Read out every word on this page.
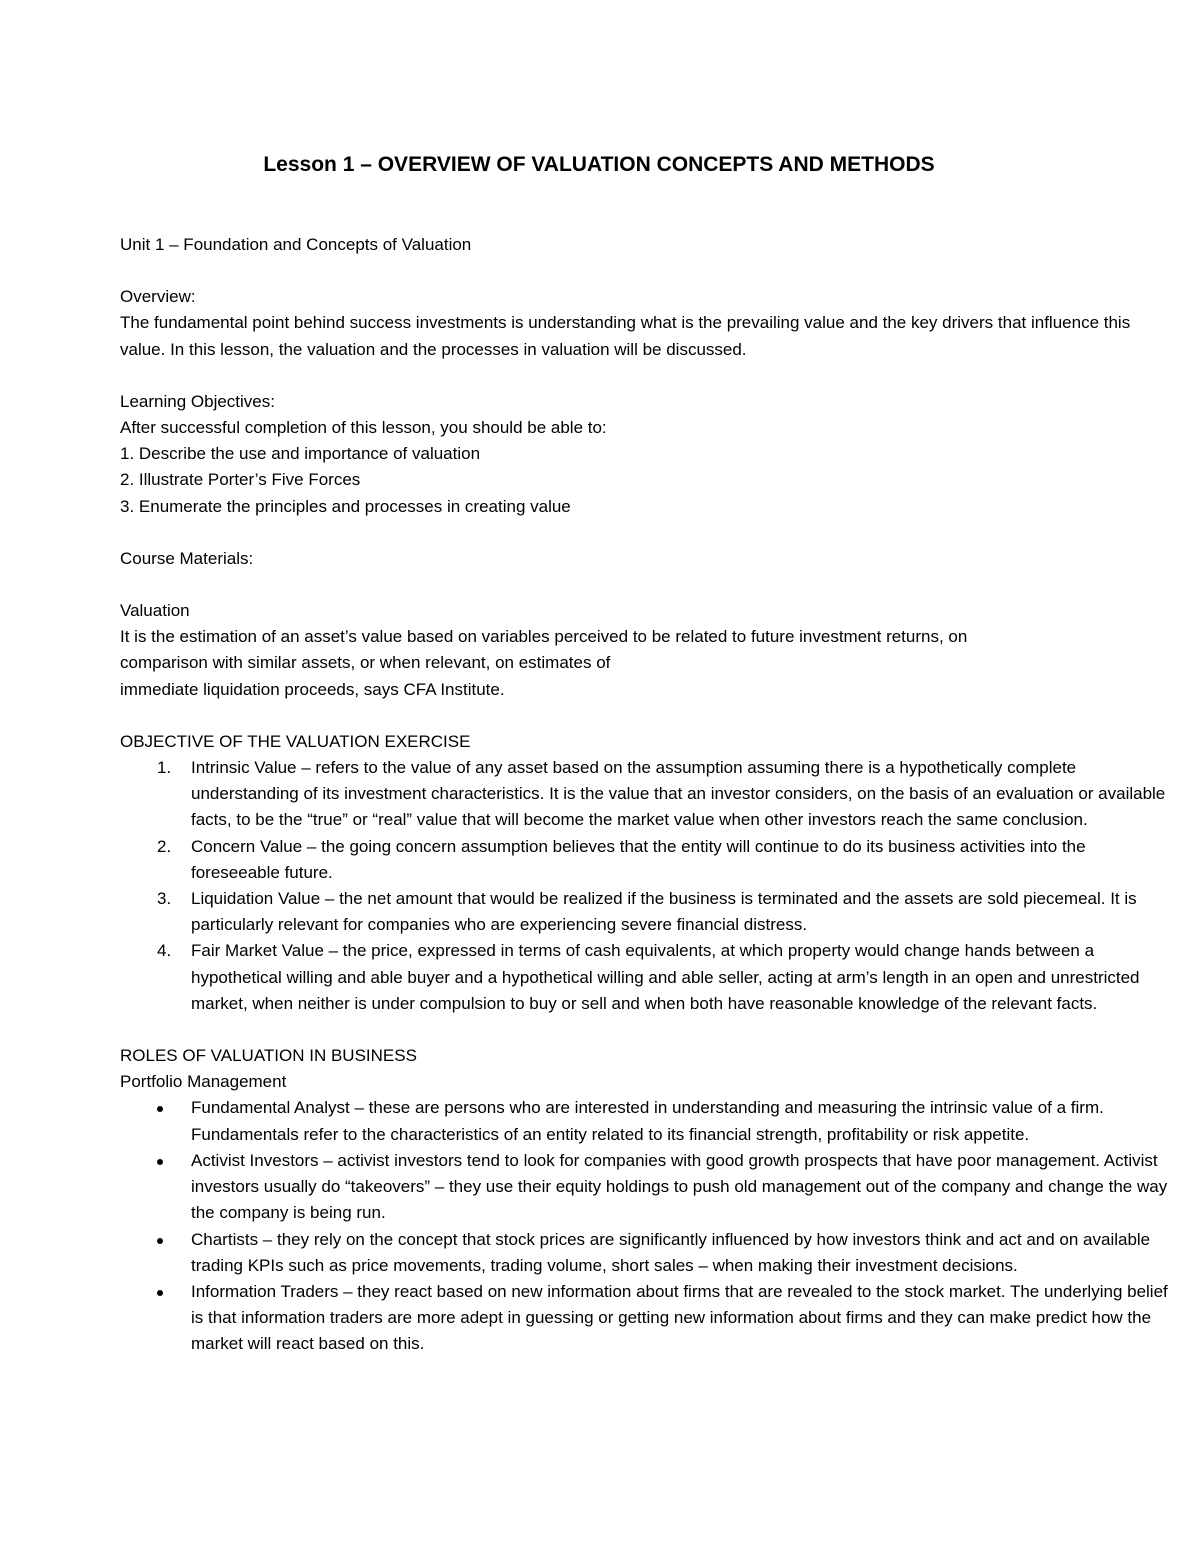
Lesson 1 – OVERVIEW OF VALUATION CONCEPTS AND METHODS
Unit 1 – Foundation and Concepts of Valuation
Overview:
The fundamental point behind success investments is understanding what is the prevailing value and the key drivers that influence this value. In this lesson, the valuation and the processes in valuation will be discussed.
Learning Objectives:
After successful completion of this lesson, you should be able to:
1. Describe the use and importance of valuation
2. Illustrate Porter’s Five Forces
3. Enumerate the principles and processes in creating value
Course Materials:
Valuation
It is the estimation of an asset’s value based on variables perceived to be related to future investment returns, on
comparison with similar assets, or when relevant, on estimates of
immediate liquidation proceeds, says CFA Institute.
OBJECTIVE OF THE VALUATION EXERCISE
1. Intrinsic Value – refers to the value of any asset based on the assumption assuming there is a hypothetically complete understanding of its investment characteristics. It is the value that an investor considers, on the basis of an evaluation or available facts, to be the “true” or “real” value that will become the market value when other investors reach the same conclusion.
2. Concern Value – the going concern assumption believes that the entity will continue to do its business activities into the foreseeable future.
3. Liquidation Value – the net amount that would be realized if the business is terminated and the assets are sold piecemeal. It is particularly relevant for companies who are experiencing severe financial distress.
4. Fair Market Value – the price, expressed in terms of cash equivalents, at which property would change hands between a hypothetical willing and able buyer and a hypothetical willing and able seller, acting at arm’s length in an open and unrestricted market, when neither is under compulsion to buy or sell and when both have reasonable knowledge of the relevant facts.
ROLES OF VALUATION IN BUSINESS
Portfolio Management
Fundamental Analyst – these are persons who are interested in understanding and measuring the intrinsic value of a firm. Fundamentals refer to the characteristics of an entity related to its financial strength, profitability or risk appetite.
Activist Investors – activist investors tend to look for companies with good growth prospects that have poor management. Activist investors usually do “takeovers” – they use their equity holdings to push old management out of the company and change the way the company is being run.
Chartists – they rely on the concept that stock prices are significantly influenced by how investors think and act and on available trading KPIs such as price movements, trading volume, short sales – when making their investment decisions.
Information Traders – they react based on new information about firms that are revealed to the stock market. The underlying belief is that information traders are more adept in guessing or getting new information about firms and they can make predict how the market will react based on this.
